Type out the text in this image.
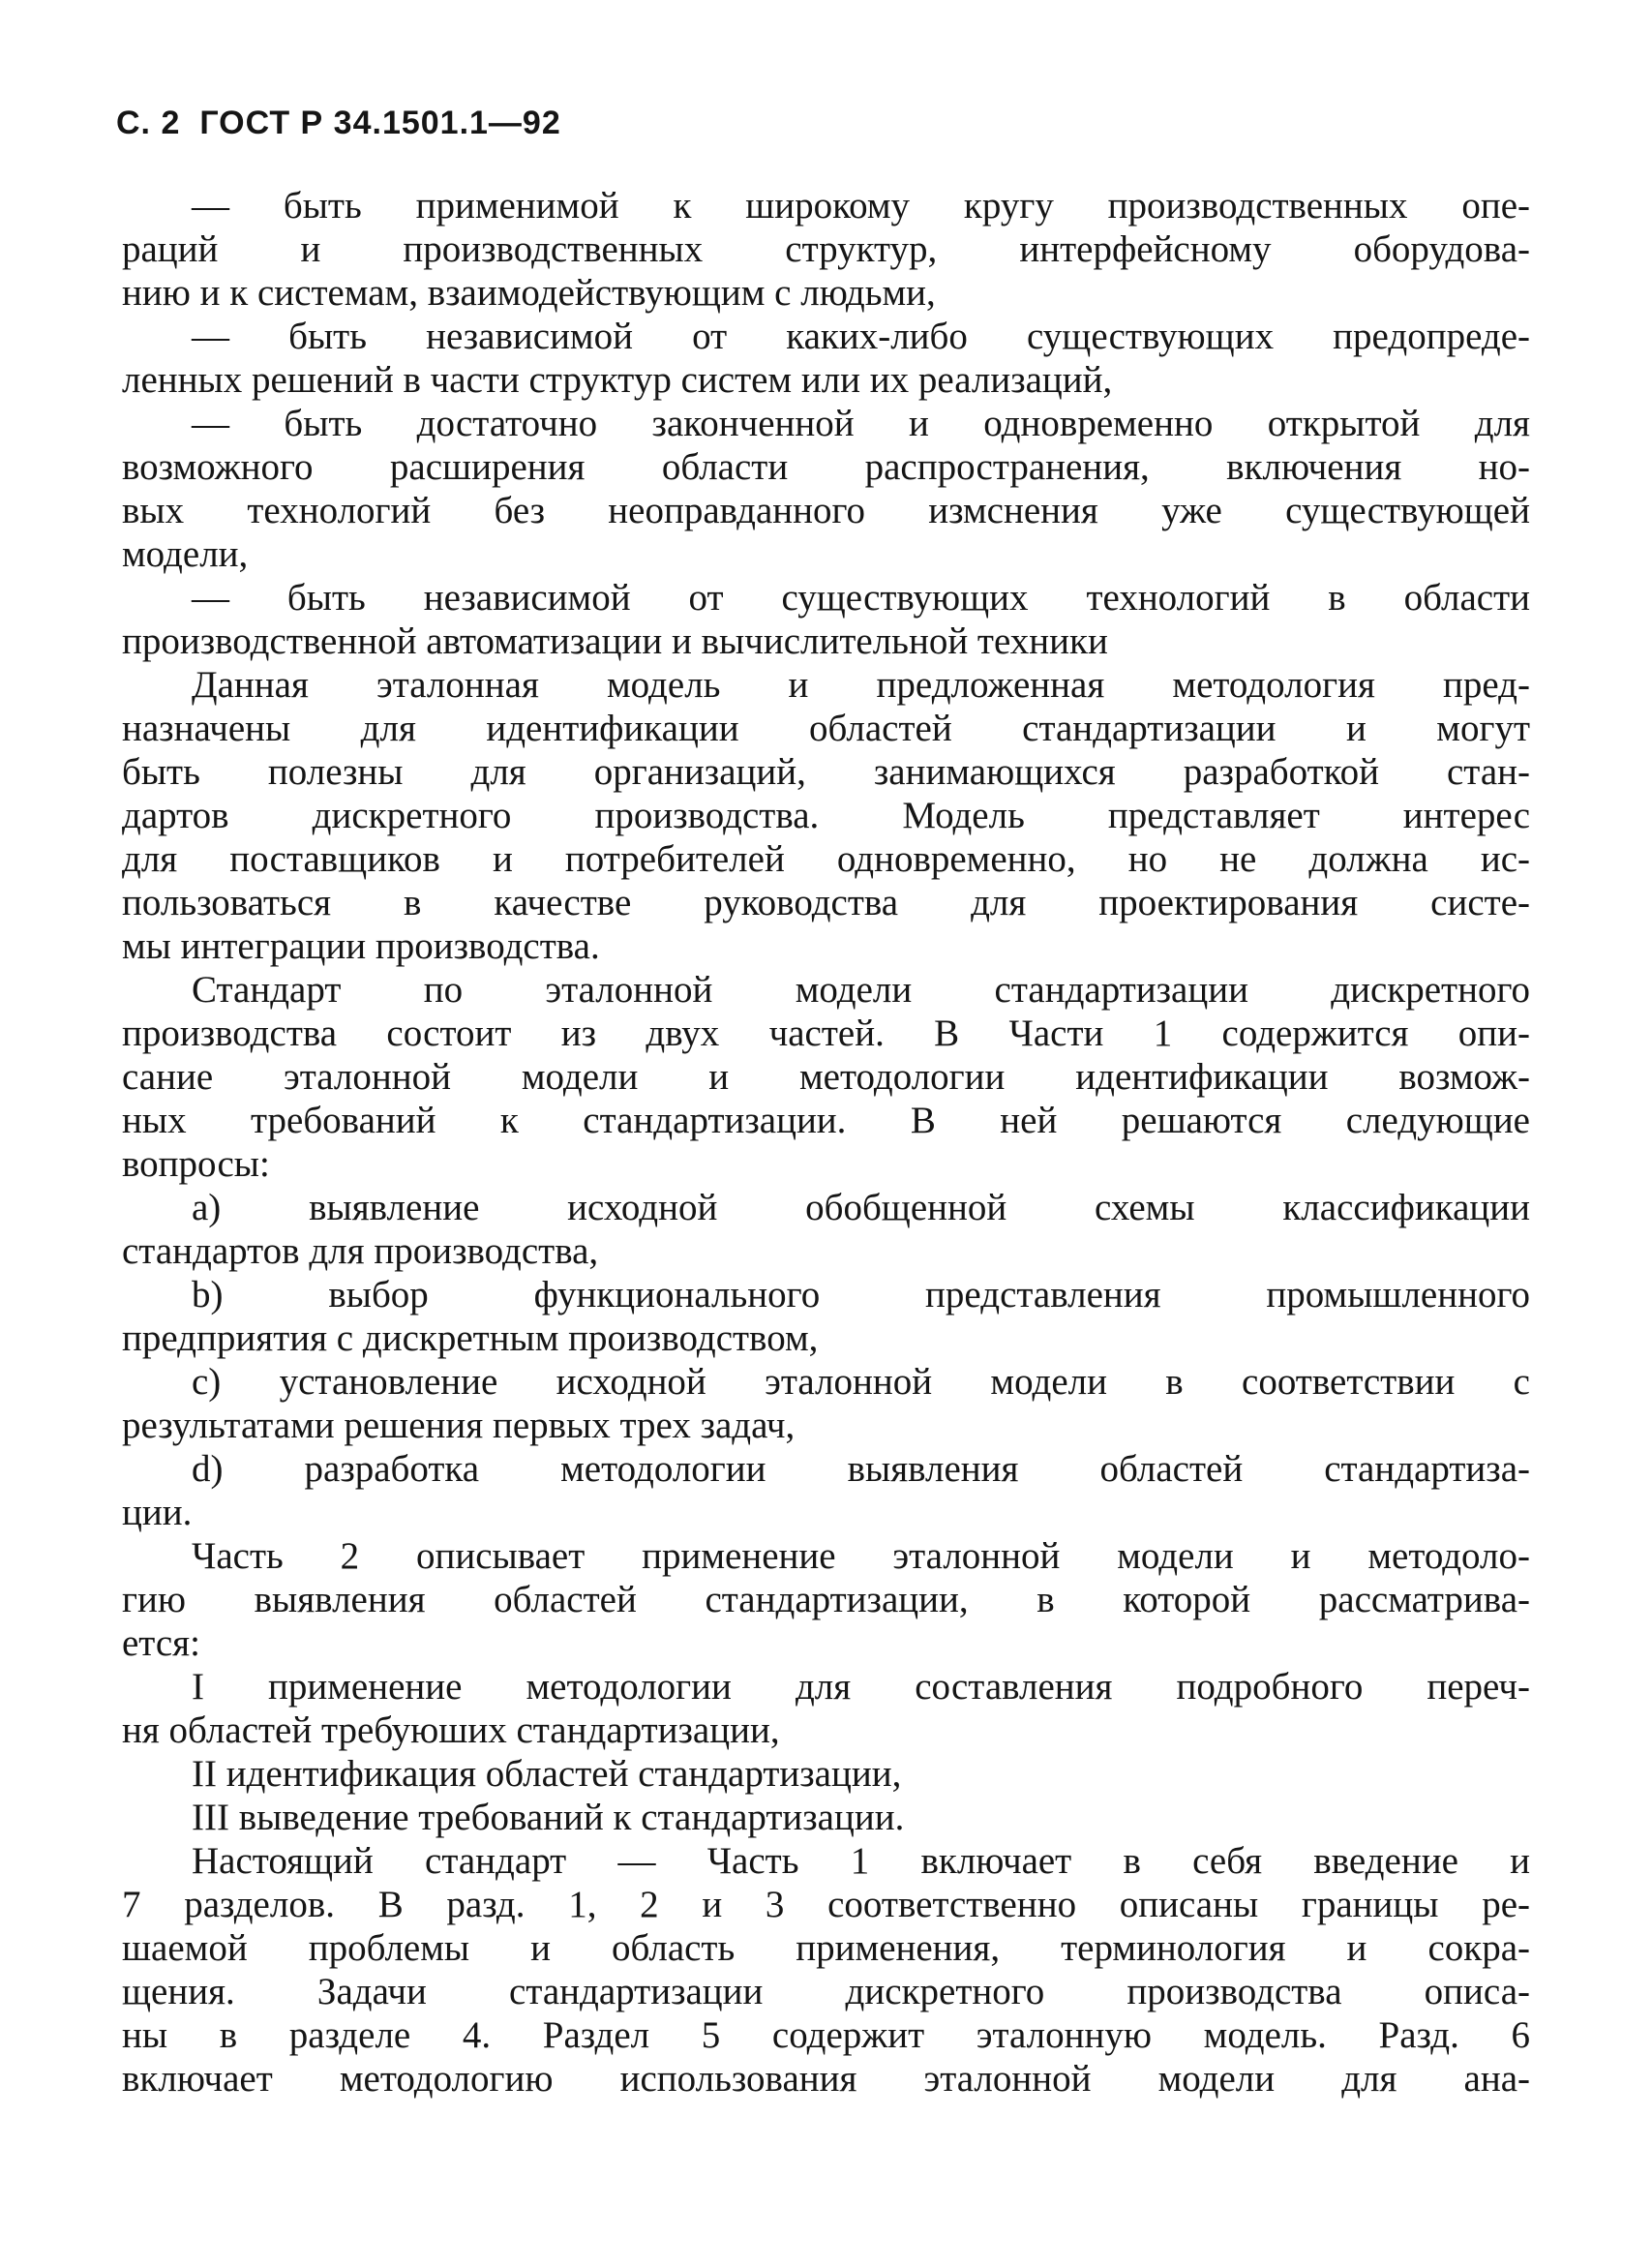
С. 2 ГОСТ Р 34.1501.1—92
— быть применимой к широкому кругу производственных опе-
раций и производственных структур, интерфейсному оборудова-
нию и к системам, взаимодействующим с людьми,
— быть независимой от каких-либо существующих предопреде-
ленных решений в части структур систем или их реализаций,
— быть достаточно законченной и одновременно открытой для
возможного расширения области распространения, включения но-
вых технологий без неоправданного измснения уже существующей
модели,
— быть независимой от существующих технологий в области
производственной автоматизации и вычислительной техники
Данная эталонная модель и предложенная методология пред-
назначены для идентификации областей стандартизации и могут
быть полезны для организаций, занимающихся разработкой стан-
дартов дискретного производства. Модель представляет интерес
для поставщиков и потребителей одновременно, но не должна ис-
пользоваться в качестве руководства для проектирования систе-
мы интеграции производства.
Стандарт по эталонной модели стандартизации дискретного
производства состоит из двух частей. В Части 1 содержится опи-
сание эталонной модели и методологии идентификации возмож-
ных требований к стандартизации. В ней решаются следующие
вопросы:
a) выявление исходной обобщенной схемы классификации
стандартов для производства,
b) выбор функционального представления промышленного
предприятия с дискретным производством,
c) установление исходной эталонной модели в соответствии с
результатами решения первых трех задач,
d) разработка методологии выявления областей стандартиза-
ции.
Часть 2 описывает применение эталонной модели и методоло-
гию выявления областей стандартизации, в которой рассматрива-
ется:
I применение методологии для составления подробного переч-
ня областей требуюших стандартизации,
II идентификация областей стандартизации,
III выведение требований к стандартизации.
Настоящий стандарт — Часть 1 включает в себя введение и
7 разделов. В разд. 1, 2 и 3 соответственно описаны границы ре-
шаемой проблемы и область применения, терминология и сокра-
щения. Задачи стандартизации дискретного производства описа-
ны в разделе 4. Раздел 5 содержит эталонную модель. Разд. 6
включает методологию использования эталонной модели для ана-
